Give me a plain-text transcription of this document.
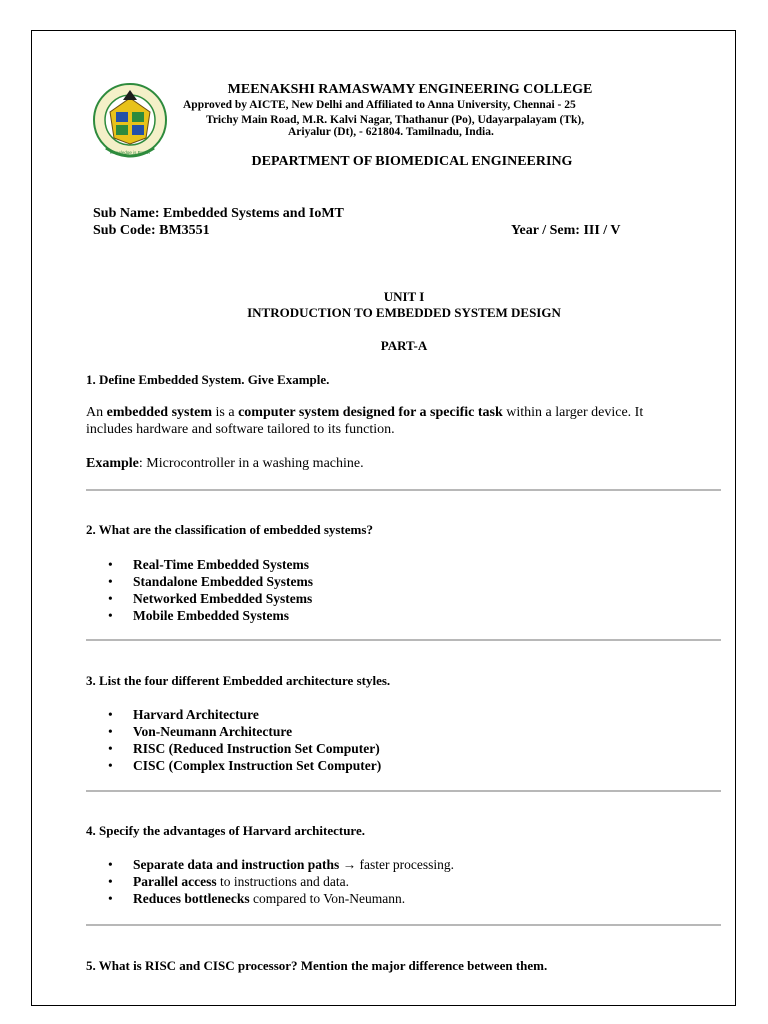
Knowledge is Power
MEENAKSHI RAMASWAMY ENGINEERING COLLEGE
Approved by AICTE, New Delhi and Affiliated to Anna University, Chennai - 25
Trichy Main Road, M.R. Kalvi Nagar, Thathanur (Po), Udayarpalayam (Tk),
Ariyalur (Dt), - 621804. Tamilnadu, India.
DEPARTMENT OF BIOMEDICAL ENGINEERING
Sub Name: Embedded Systems and IoMT
Sub Code: BM3551	Year / Sem: III / V
UNIT I
INTRODUCTION TO EMBEDDED SYSTEM DESIGN
PART-A
1. Define Embedded System. Give Example.
An embedded system is a computer system designed for a specific task within a larger device. It
includes hardware and software tailored to its function.
Example: Microcontroller in a washing machine.
2. What are the classification of embedded systems?
• Real-Time Embedded Systems
• Standalone Embedded Systems
• Networked Embedded Systems
• Mobile Embedded Systems
3. List the four different Embedded architecture styles.
• Harvard Architecture
• Von-Neumann Architecture
• RISC (Reduced Instruction Set Computer)
• CISC (Complex Instruction Set Computer)
4. Specify the advantages of Harvard architecture.
• Separate data and instruction paths → faster processing.
• Parallel access to instructions and data.
• Reduces bottlenecks compared to Von-Neumann.
5. What is RISC and CISC processor? Mention the major difference between them.
